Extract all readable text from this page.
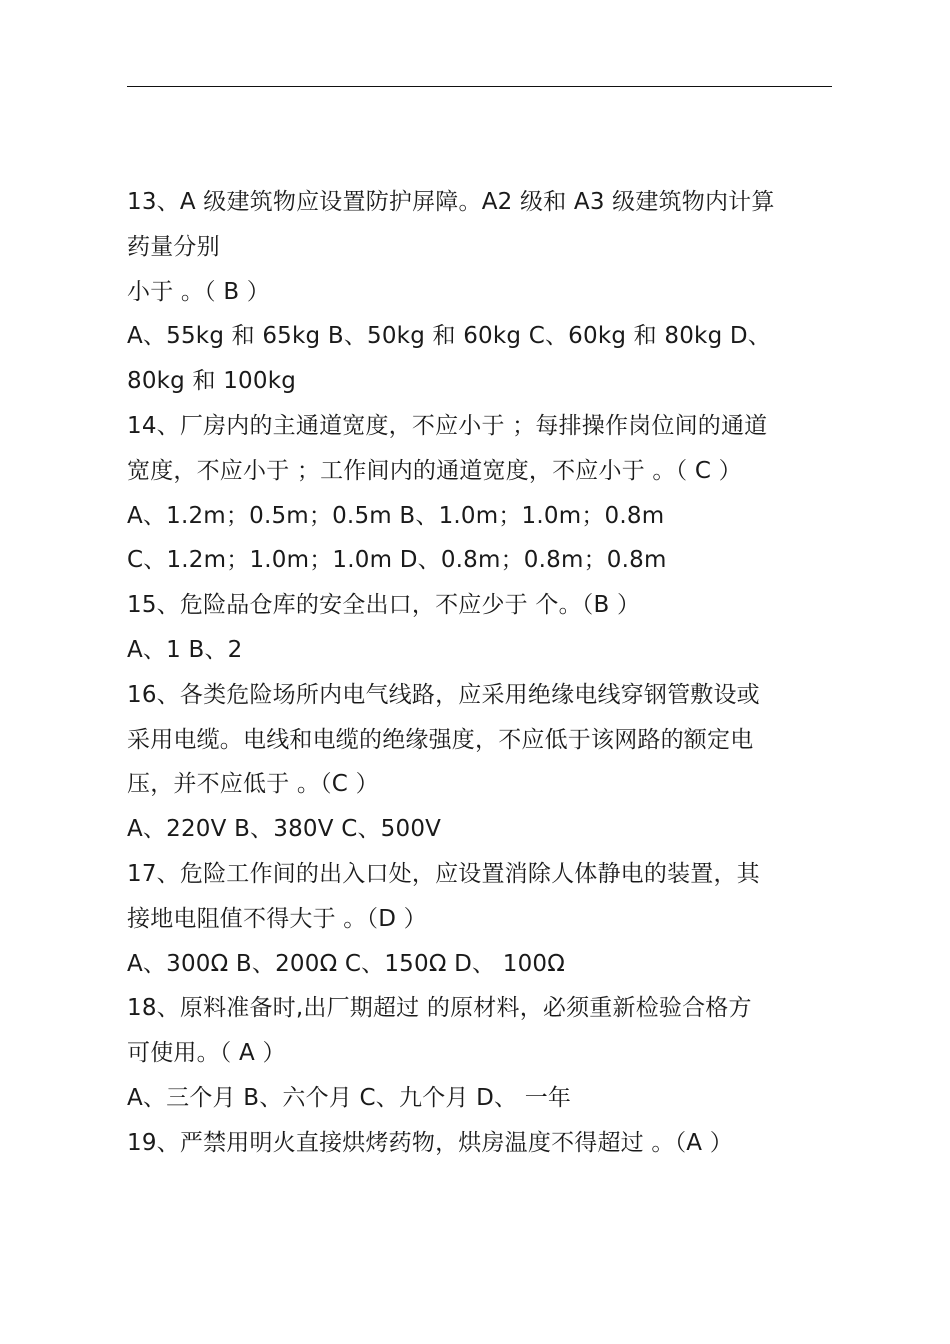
13、A 级建筑物应设置防护屏障。A2 级和 A3 级建筑物内计算
药量分别
小于 。（ B ）
A、55kg 和 65kg B、50kg 和 60kg C、60kg 和 80kg D、
80kg 和 100kg
14、厂房内的主通道宽度，不应小于 ；每排操作岗位间的通道
宽度，不应小于 ；工作间内的通道宽度，不应小于 。（ C ）
A、1.2m；0.5m；0.5m B、1.0m；1.0m；0.8m
C、1.2m；1.0m；1.0m D、0.8m；0.8m；0.8m
15、危险品仓库的安全出口，不应少于 个。（B ）
A、1 B、2
16、各类危险场所内电气线路，应采用绝缘电线穿钢管敷设或
采用电缆。电线和电缆的绝缘强度，不应低于该网路的额定电
压，并不应低于 。（C ）
A、220V B、380V C、500V
17、危险工作间的出入口处，应设置消除人体静电的装置，其
接地电阻值不得大于 。（D ）
A、300Ω B、200Ω C、150Ω D、 100Ω
18、原料准备时,出厂期超过 的原材料，必须重新检验合格方
可使用。（ A ）
A、三个月 B、六个月 C、九个月 D、 一年
19、严禁用明火直接烘烤药物，烘房温度不得超过 。（A ）
